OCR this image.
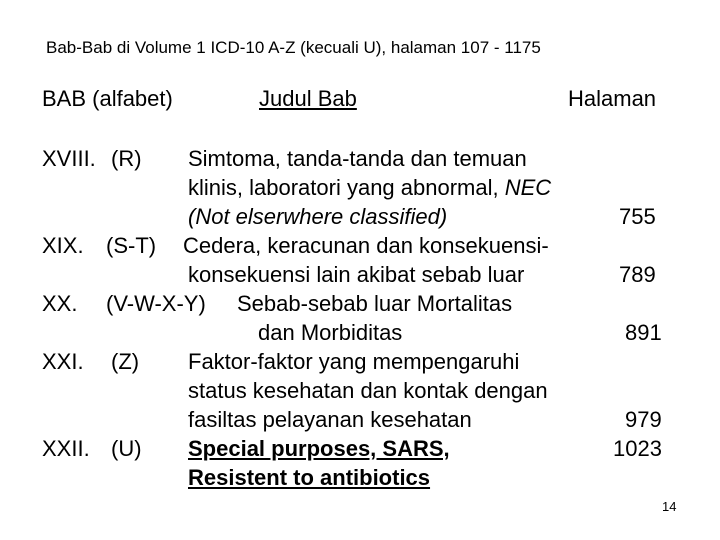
Bab-Bab di Volume 1 ICD-10 A-Z (kecuali U), halaman 107 - 1175
BAB (alfabet)	Judul Bab	Halaman
XVIII. (R) Simtoma, tanda-tanda dan temuan
klinis, laboratori yang abnormal, NEC
(Not elserwhere classified)	755
XIX. (S-T) Cedera, keracunan dan konsekuensi-
konsekuensi lain akibat sebab luar	789
XX. (V-W-X-Y) Sebab-sebab luar Mortalitas
dan Morbiditas	891
XXI. (Z) Faktor-faktor yang mempengaruhi
status kesehatan dan kontak dengan
fasiltas pelayanan kesehatan	979
XXII. (U) Special purposes, SARS,
Resistent to antibiotics
1023
14
